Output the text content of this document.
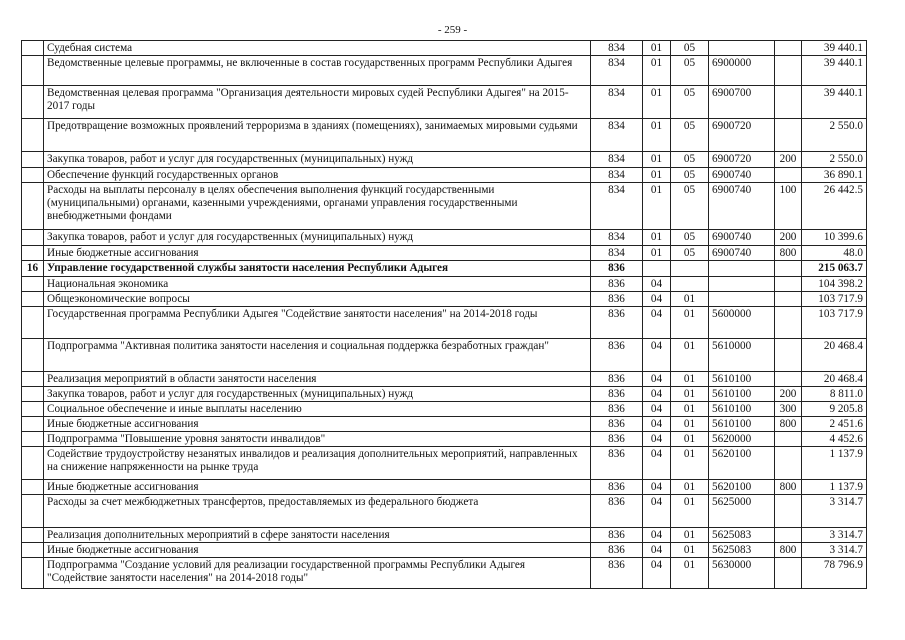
- 259 -
	Судебная система	834	01	05			39 440.1
	Ведомственные целевые программы, не включенные в состав государственных программ Республики Адыгея	834	01	05	6900000		39 440.1
	Ведомственная целевая программа "Организация деятельности мировых судей Республики Адыгея" на 2015-2017 годы	834	01	05	6900700		39 440.1
	Предотвращение возможных проявлений терроризма в зданиях (помещениях), занимаемых мировыми судьями	834	01	05	6900720		2 550.0
	Закупка товаров, работ и услуг для государственных (муниципальных) нужд	834	01	05	6900720	200	2 550.0
	Обеспечение функций государственных органов	834	01	05	6900740		36 890.1
	Расходы на выплаты персоналу в целях обеспечения выполнения функций государственными (муниципальными) органами, казенными учреждениями, органами управления государственными внебюджетными фондами	834	01	05	6900740	100	26 442.5
	Закупка товаров, работ и услуг для государственных (муниципальных) нужд	834	01	05	6900740	200	10 399.6
	Иные бюджетные ассигнования	834	01	05	6900740	800	48.0
16	Управление государственной службы занятости населения Республики Адыгея	836					215 063.7
	Национальная экономика	836	04				104 398.2
	Общеэкономические вопросы	836	04	01			103 717.9
	Государственная программа Республики Адыгея "Содействие занятости населения" на 2014-2018 годы	836	04	01	5600000		103 717.9
	Подпрограмма "Активная политика занятости населения и социальная поддержка безработных граждан"	836	04	01	5610000		20 468.4
	Реализация мероприятий в области занятости населения	836	04	01	5610100		20 468.4
	Закупка товаров, работ и услуг для государственных (муниципальных) нужд	836	04	01	5610100	200	8 811.0
	Социальное обеспечение и иные выплаты населению	836	04	01	5610100	300	9 205.8
	Иные бюджетные ассигнования	836	04	01	5610100	800	2 451.6
	Подпрограмма "Повышение уровня занятости инвалидов"	836	04	01	5620000		4 452.6
	Содействие трудоустройству незанятых инвалидов и реализация дополнительных мероприятий, направленных на снижение напряженности на рынке труда	836	04	01	5620100		1 137.9
	Иные бюджетные ассигнования	836	04	01	5620100	800	1 137.9
	Расходы за счет межбюджетных трансфертов, предоставляемых из федерального бюджета	836	04	01	5625000		3 314.7
	Реализация дополнительных мероприятий в сфере занятости населения	836	04	01	5625083		3 314.7
	Иные бюджетные ассигнования	836	04	01	5625083	800	3 314.7
	Подпрограмма "Создание условий для реализации государственной программы Республики Адыгея "Содействие занятости населения" на 2014-2018 годы"	836	04	01	5630000		78 796.9
